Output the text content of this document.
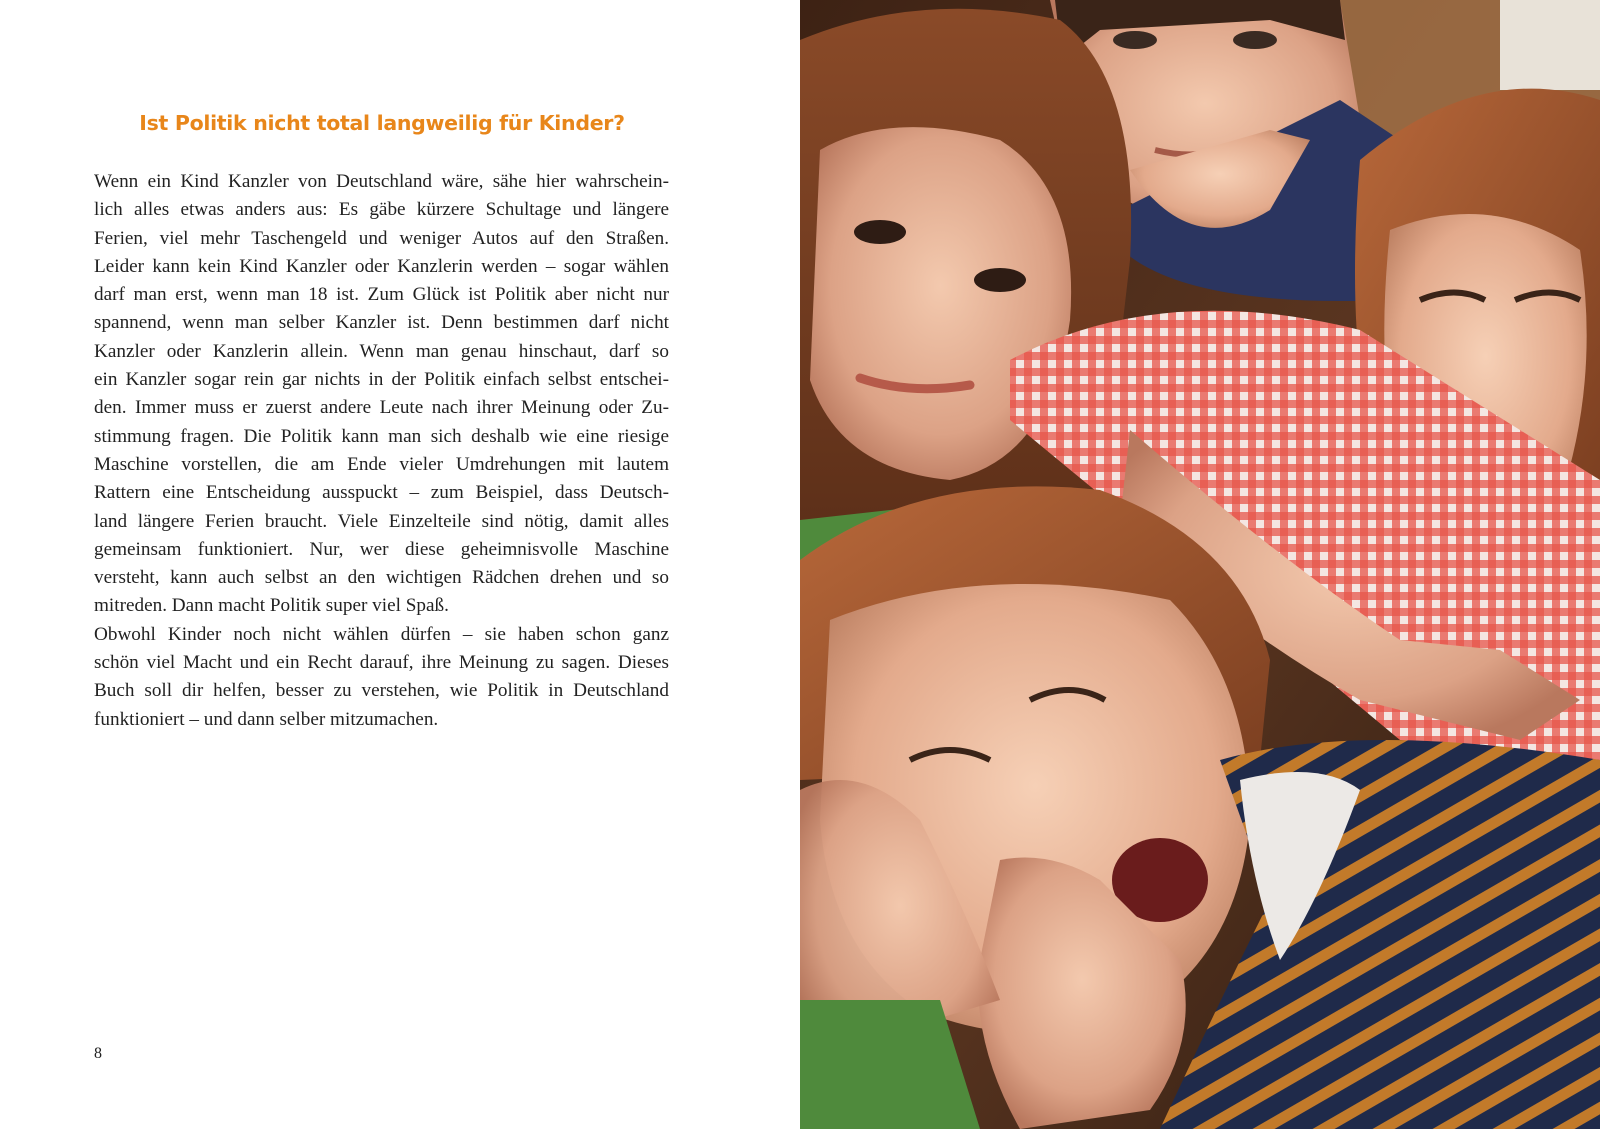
Ist Politik nicht total langweilig für Kinder?
Wenn ein Kind Kanzler von Deutschland wäre, sähe hier wahrschein-
lich alles etwas anders aus: Es gäbe kürzere Schultage und längere
Ferien, viel mehr Taschengeld und weniger Autos auf den Straßen.
Leider kann kein Kind Kanzler oder Kanzlerin werden – sogar wählen
darf man erst, wenn man 18 ist. Zum Glück ist Politik aber nicht nur
spannend, wenn man selber Kanzler ist. Denn bestimmen darf nicht
Kanzler oder Kanzlerin allein. Wenn man genau hinschaut, darf so
ein Kanzler sogar rein gar nichts in der Politik einfach selbst entschei-
den. Immer muss er zuerst andere Leute nach ihrer Meinung oder Zu-
stimmung fragen. Die Politik kann man sich deshalb wie eine riesige
Maschine vorstellen, die am Ende vieler Umdrehungen mit lautem
Rattern eine Entscheidung ausspuckt – zum Beispiel, dass Deutsch-
land längere Ferien braucht. Viele Einzelteile sind nötig, damit alles
gemeinsam funktioniert. Nur, wer diese geheimnisvolle Maschine
versteht, kann auch selbst an den wichtigen Rädchen drehen und so
mitreden. Dann macht Politik super viel Spaß.
Obwohl Kinder noch nicht wählen dürfen – sie haben schon ganz
schön viel Macht und ein Recht darauf, ihre Meinung zu sagen. Dieses
Buch soll dir helfen, besser zu verstehen, wie Politik in Deutschland
funktioniert – und dann selber mitzumachen.
8
